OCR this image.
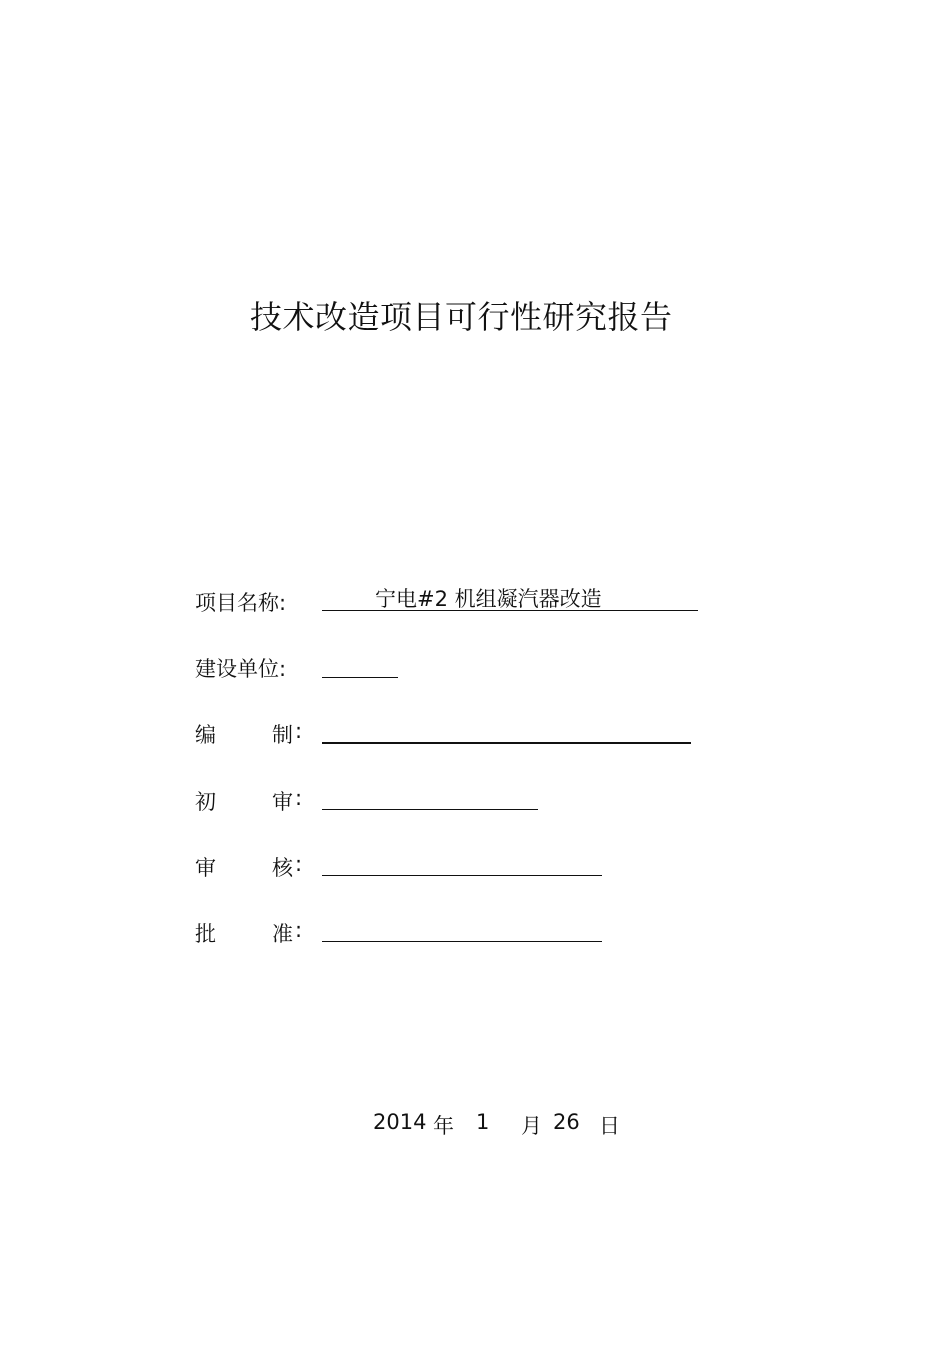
技术改造项目可行性研究报告
项目名称:	宁电#2 机组凝汽器改造
建设单位:
编	制 :
初	审 :
审	核 :
批	准 :
2014 年 1 月 26 日
